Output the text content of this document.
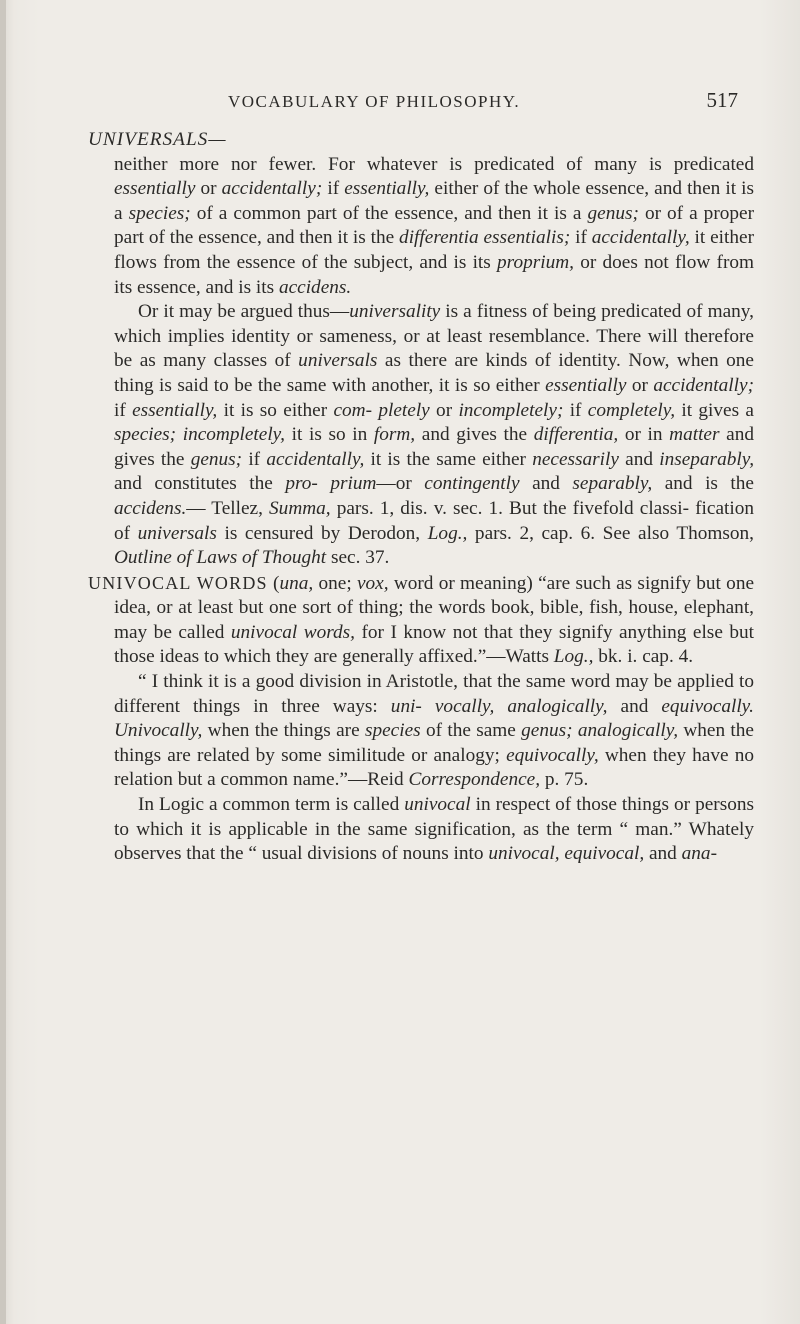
VOCABULARY OF PHILOSOPHY.	517

UNIVERSALS—

neither more nor fewer. For whatever is predicated of many is predicated essentially or accidentally; if essentially, either of the whole essence, and then it is a species; of a common part of the essence, and then it is a genus; or of a proper part of the essence, and then it is the differentia essentialis; if accidentally, it either flows from the essence of the subject, and is its proprium, or does not flow from its essence, and is its accidens.

Or it may be argued thus—universality is a fitness of being predicated of many, which implies identity or sameness, or at least resemblance. There will therefore be as many classes of universals as there are kinds of identity. Now, when one thing is said to be the same with another, it is so either essentially or accidentally; if essentially, it is so either com- pletely or incompletely; if completely, it gives a species; incompletely, it is so in form, and gives the differentia, or in matter and gives the genus; if accidentally, it is the same either necessarily and inseparably, and constitutes the pro- prium—or contingently and separably, and is the accidens.— Tellez, Summa, pars. 1, dis. v. sec. 1. But the fivefold classi- fication of universals is censured by Derodon, Log., pars. 2, cap. 6. See also Thomson, Outline of Laws of Thought sec. 37.

UNIVOCAL WORDS (una, one; vox, word or meaning) “are such as signify but one idea, or at least but one sort of thing; the words book, bible, fish, house, elephant, may be called univocal words, for I know not that they signify anything else but those ideas to which they are generally affixed.”—Watts Log., bk. i. cap. 4.

“ I think it is a good division in Aristotle, that the same word may be applied to different things in three ways: uni- vocally, analogically, and equivocally. Univocally, when the things are species of the same genus; analogically, when the things are related by some similitude or analogy; equivocally, when they have no relation but a common name.”—Reid Correspondence, p. 75.

In Logic a common term is called univocal in respect of those things or persons to which it is applicable in the same signification, as the term “ man.” Whately observes that the “ usual divisions of nouns into univocal, equivocal, and ana-
